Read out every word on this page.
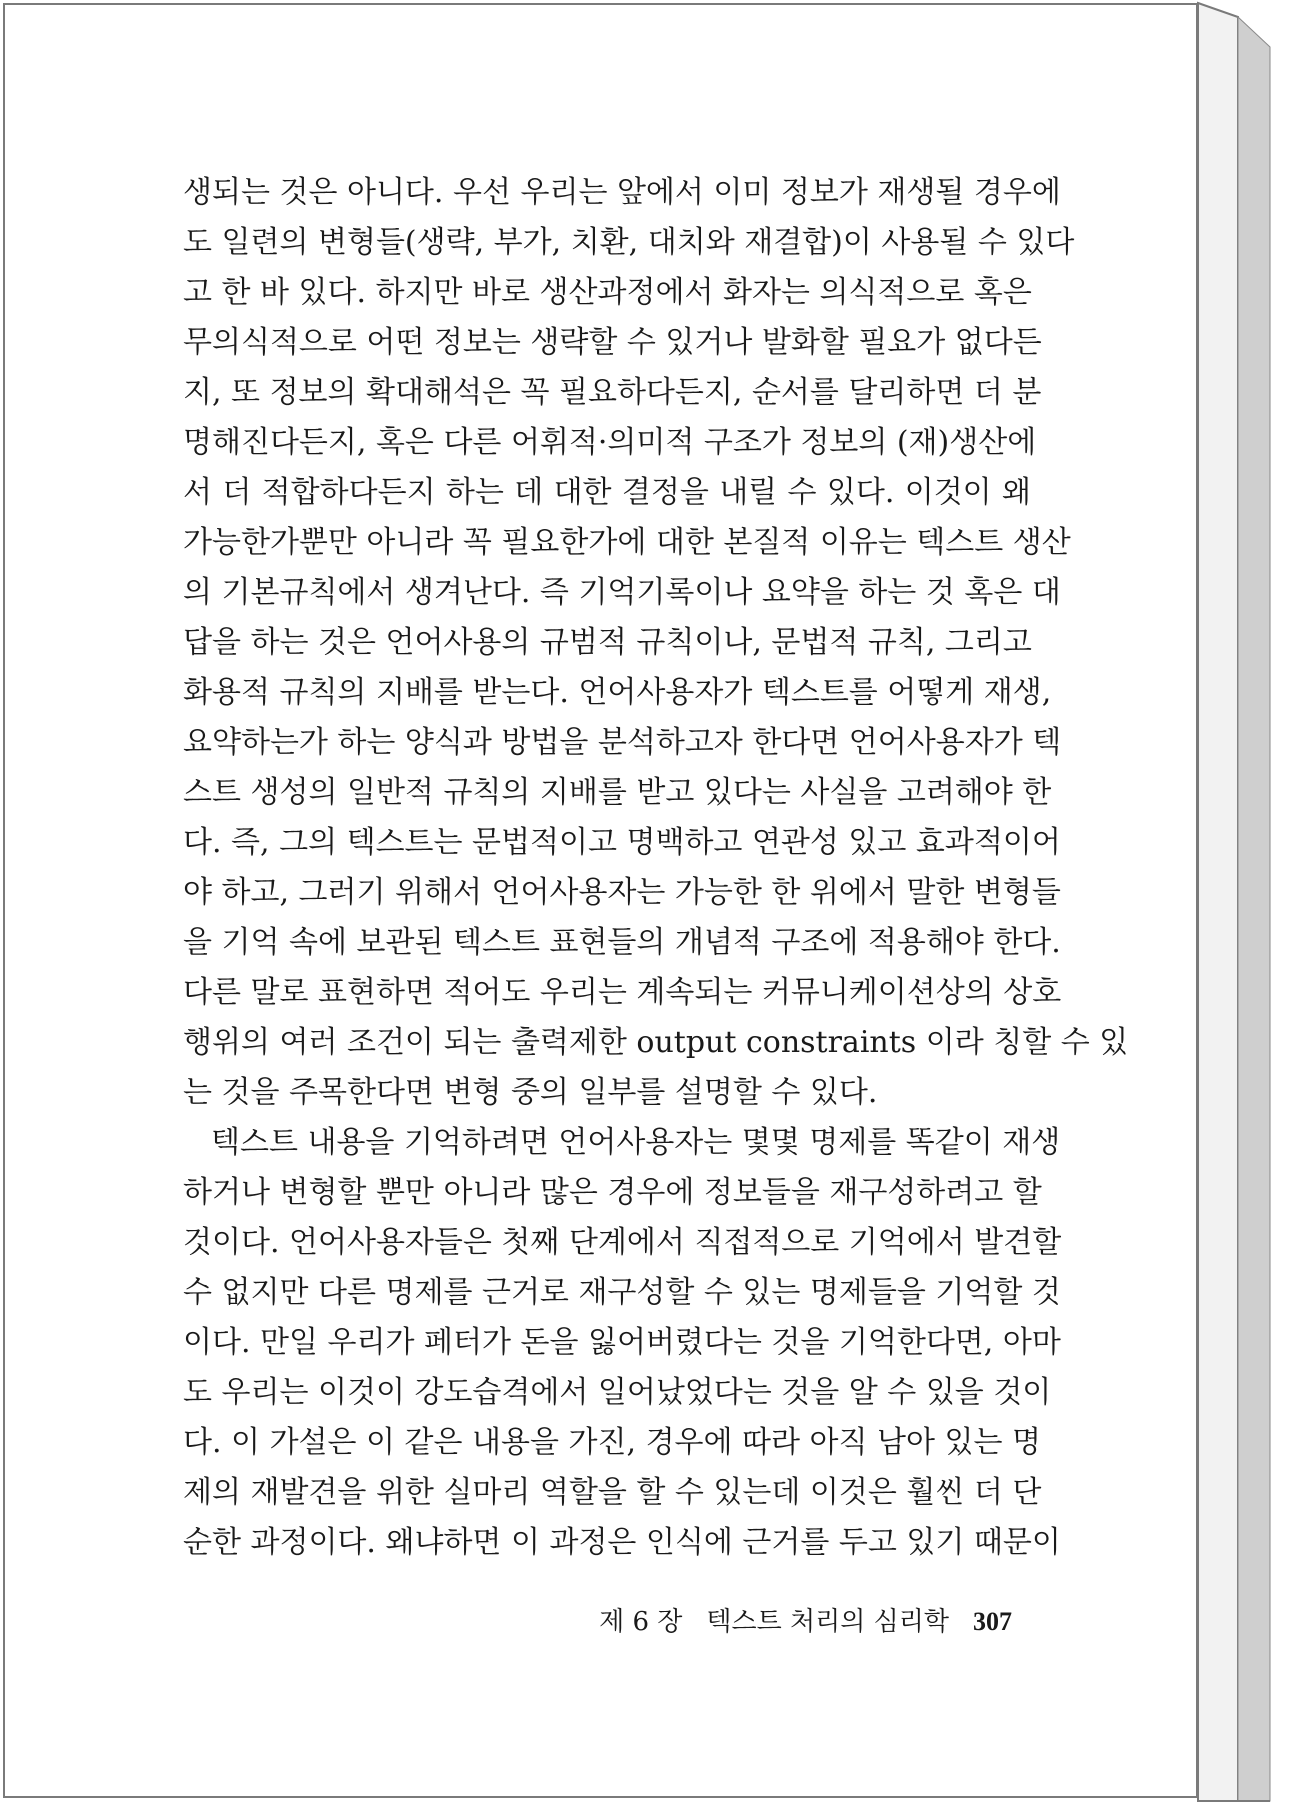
생되는 것은 아니다. 우선 우리는 앞에서 이미 정보가 재생될 경우에
도 일련의 변형들(생략, 부가, 치환, 대치와 재결합)이 사용될 수 있다
고 한 바 있다. 하지만 바로 생산과정에서 화자는 의식적으로 혹은
무의식적으로 어떤 정보는 생략할 수 있거나 발화할 필요가 없다든
지, 또 정보의 확대해석은 꼭 필요하다든지, 순서를 달리하면 더 분
명해진다든지, 혹은 다른 어휘적·의미적 구조가 정보의 (재)생산에
서 더 적합하다든지 하는 데 대한 결정을 내릴 수 있다. 이것이 왜
가능한가뿐만 아니라 꼭 필요한가에 대한 본질적 이유는 텍스트 생산
의 기본규칙에서 생겨난다. 즉 기억기록이나 요약을 하는 것 혹은 대
답을 하는 것은 언어사용의 규범적 규칙이나, 문법적 규칙, 그리고
화용적 규칙의 지배를 받는다. 언어사용자가 텍스트를 어떻게 재생,
요약하는가 하는 양식과 방법을 분석하고자 한다면 언어사용자가 텍
스트 생성의 일반적 규칙의 지배를 받고 있다는 사실을 고려해야 한
다. 즉, 그의 텍스트는 문법적이고 명백하고 연관성 있고 효과적이어
야 하고, 그러기 위해서 언어사용자는 가능한 한 위에서 말한 변형들
을 기억 속에 보관된 텍스트 표현들의 개념적 구조에 적용해야 한다.
다른 말로 표현하면 적어도 우리는 계속되는 커뮤니케이션상의 상호
행위의 여러 조건이 되는 출력제한 output constraints 이라 칭할 수 있
는 것을 주목한다면 변형 중의 일부를 설명할 수 있다.
텍스트 내용을 기억하려면 언어사용자는 몇몇 명제를 똑같이 재생
하거나 변형할 뿐만 아니라 많은 경우에 정보들을 재구성하려고 할
것이다. 언어사용자들은 첫째 단계에서 직접적으로 기억에서 발견할
수 없지만 다른 명제를 근거로 재구성할 수 있는 명제들을 기억할 것
이다. 만일 우리가 페터가 돈을 잃어버렸다는 것을 기억한다면, 아마
도 우리는 이것이 강도습격에서 일어났었다는 것을 알 수 있을 것이
다. 이 가설은 이 같은 내용을 가진, 경우에 따라 아직 남아 있는 명
제의 재발견을 위한 실마리 역할을 할 수 있는데 이것은 훨씬 더 단
순한 과정이다. 왜냐하면 이 과정은 인식에 근거를 두고 있기 때문이
제 6 장 텍스트 처리의 심리학 307
